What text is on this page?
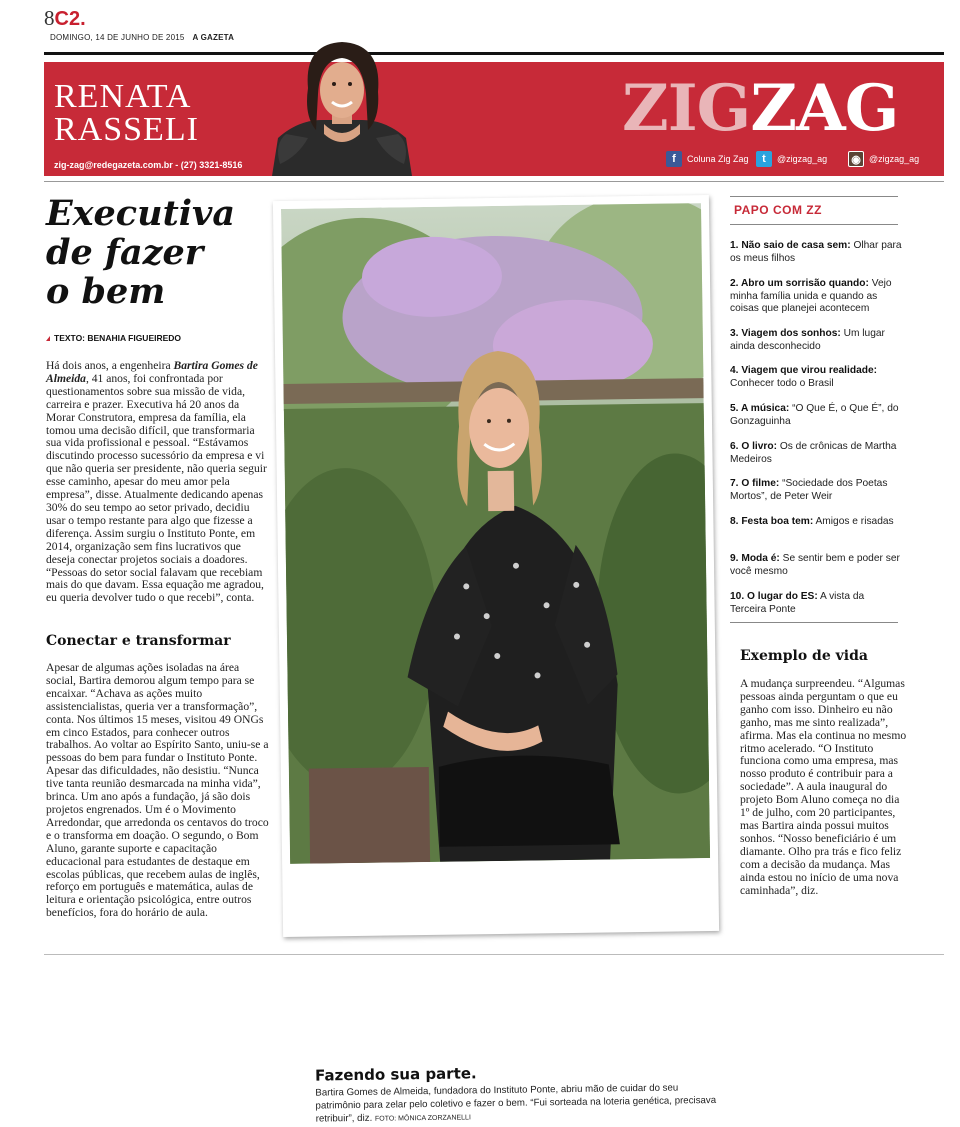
8C2.
DOMINGO, 14 DE JUNHO DE 2015 A GAZETA
RENATA
RASSELI
zig-zag@redegazeta.com.br - (27) 3321-8516
ZIGZAG
f	Coluna Zig Zag	t	@zigzag_ag ◉ @zigzag_ag
Executiva
de fazer
o bem
TEXTO: BENAHIA FIGUEIREDO
Há dois anos, a engenheira Bartira Gomes de Almeida, 41 anos, foi confrontada por questionamentos sobre sua missão de vida, carreira e prazer. Executiva há 20 anos da Morar Construtora, empresa da família, ela tomou uma decisão difícil, que transformaria sua vida profissional e pessoal. “Estávamos discutindo processo sucessório da empresa e vi que não queria ser presidente, não queria seguir esse caminho, apesar do meu amor pela empresa”, disse. Atualmente dedicando apenas 30% do seu tempo ao setor privado, decidiu usar o tempo restante para algo que fizesse a diferença. Assim surgiu o Instituto Ponte, em 2014, organização sem fins lucrativos que deseja conectar projetos sociais a doadores. “Pessoas do setor social falavam que recebiam mais do que davam. Essa equação me agradou, eu queria devolver tudo o que recebi”, conta.
Conectar e transformar
Apesar de algumas ações isoladas na área social, Bartira demorou algum tempo para se encaixar. “Achava as ações muito assistencialistas, queria ver a transformação”, conta. Nos últimos 15 meses, visitou 49 ONGs em cinco Estados, para conhecer outros trabalhos. Ao voltar ao Espírito Santo, uniu-se a pessoas do bem para fundar o Instituto Ponte. Apesar das dificuldades, não desistiu. “Nunca tive tanta reunião desmarcada na minha vida”, brinca. Um ano após a fundação, já são dois projetos engrenados. Um é o Movimento Arredondar, que arredonda os centavos do troco e o transforma em doação. O segundo, o Bom Aluno, garante suporte e capacitação educacional para estudantes de destaque em escolas públicas, que recebem aulas de inglês, reforço em português e matemática, aulas de leitura e orientação psicológica, entre outros benefícios, fora do horário de aula.
Fazendo sua parte.
Bartira Gomes de Almeida, fundadora do Instituto Ponte, abriu mão de cuidar do seu patrimônio para zelar pelo coletivo e fazer o bem. “Fui sorteada na loteria genética, precisava retribuir”, diz. FOTO: MÔNICA ZORZANELLI
PAPO COM ZZ
1. Não saio de casa sem: Olhar para os meus filhos
2. Abro um sorrisão quando: Vejo minha família unida e quando as coisas que planejei acontecem
3. Viagem dos sonhos: Um lugar ainda desconhecido
4. Viagem que virou realidade: Conhecer todo o Brasil
5. A música: “O Que É, o Que É”, do Gonzaguinha
6. O livro: Os de crônicas de Martha Medeiros
7. O filme: “Sociedade dos Poetas Mortos”, de Peter Weir
8. Festa boa tem: Amigos e risadas
9. Moda é: Se sentir bem e poder ser você mesmo
10. O lugar do ES: A vista da Terceira Ponte
Exemplo de vida
A mudança surpreendeu. “Algumas pessoas ainda perguntam o que eu ganho com isso. Dinheiro eu não ganho, mas me sinto realizada”, afirma. Mas ela continua no mesmo ritmo acelerado. “O Instituto funciona como uma empresa, mas nosso produto é contribuir para a sociedade”. A aula inaugural do projeto Bom Aluno começa no dia 1º de julho, com 20 participantes, mas Bartira ainda possui muitos sonhos. “Nosso beneficiário é um diamante. Olho pra trás e fico feliz com a decisão da mudança. Mas ainda estou no início de uma nova caminhada”, diz.
